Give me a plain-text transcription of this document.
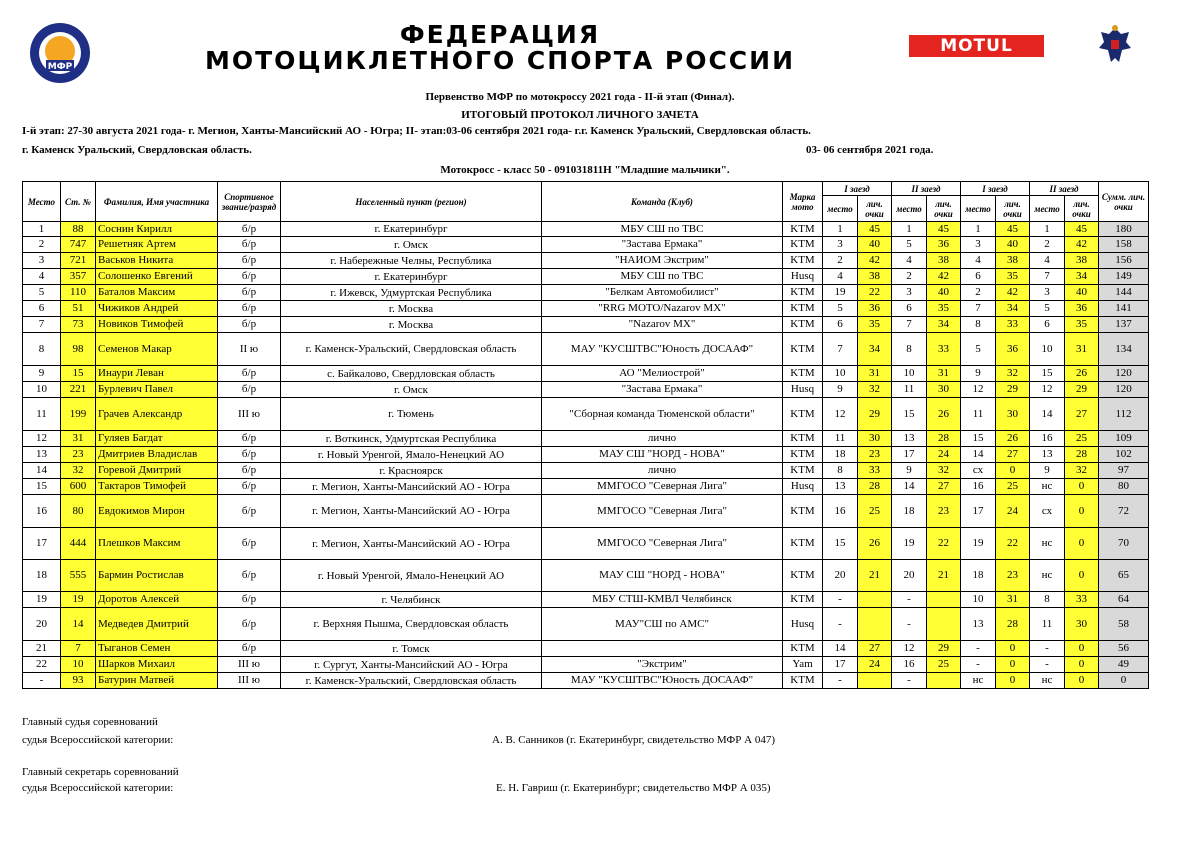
МФР
ФЕДЕРАЦИЯ
МОТОЦИКЛЕТНОГО СПОРТА РОССИИ	MOTUL
Первенство МФР по мотокроссу 2021 года - II-й этап (Финал).
ИТОГОВЫЙ ПРОТОКОЛ ЛИЧНОГО ЗАЧЕТА
I-й этап: 27-30 августа 2021 года- г. Мегион, Ханты-Мансийский АО - Югра; II- этап:03-06 сентября 2021 года- г.г. Каменск Уральский, Свердловская область.
г. Каменск Уральский, Свердловская область.	03- 06 сентября 2021 года.
Мотокросс - класс 50 - 091031811Н "Младшие мальчики".
Место	Ст. №	Фамилия, Имя участника	Спортивное звание/разряд	Населенный пункт (регион)	Команда (Клуб)	Марка мото	I заезд		II заезд		I заезд		II заезд		Сумм. лич. очки
							место	лич. очки	место	лич. очки	место	лич. очки	место	лич. очки	
1	88	Соснин Кирилл	б/р	г. Екатеринбург	МБУ СШ по ТВС	KTM	1	45	1	45	1	45	1	45	180
2	747	Решетняк Артем	б/р	г. Омск	"Застава Ермака"	KTM	3	40	5	36	3	40	2	42	158
3	721	Васьков Никита	б/р	г. Набережные Челны, Республика	"НАИОМ Экстрим"	KTM	2	42	4	38	4	38	4	38	156
4	357	Солошенко Евгений	б/р	г. Екатеринбург	МБУ СШ по ТВС	Husq	4	38	2	42	6	35	7	34	149
5	110	Баталов Максим	б/р	г. Ижевск, Удмуртская Республика	"Белкам Автомобилист"	KTM	19	22	3	40	2	42	3	40	144
6	51	Чижиков Андрей	б/р	г. Москва	"RRG MOTO/Nazarov MX"	KTM	5	36	6	35	7	34	5	36	141
7	73	Новиков Тимофей	б/р	г. Москва	"Nazarov MX"	KTM	6	35	7	34	8	33	6	35	137
8	98	Семенов Макар	II ю	г. Каменск-Уральский, Свердловская область	МАУ "КУСШТВС"Юность ДОСААФ"	KTM	7	34	8	33	5	36	10	31	134
9	15	Инаури Леван	б/р	с. Байкалово, Свердловская область	АО "Мелиострой"	KTM	10	31	10	31	9	32	15	26	120
10	221	Бурлевич Павел	б/р	г. Омск	"Застава Ермака"	Husq	9	32	11	30	12	29	12	29	120
11	199	Грачев Александр	III ю	г. Тюмень	"Сборная команда Тюменской области"	KTM	12	29	15	26	11	30	14	27	112
12	31	Гуляев Багдат	б/р	г. Воткинск, Удмуртская Республика	лично	KTM	11	30	13	28	15	26	16	25	109
13	23	Дмитриев Владислав	б/р	г. Новый Уренгой, Ямало-Ненецкий АО	МАУ СШ "НОРД - НОВА"	KTM	18	23	17	24	14	27	13	28	102
14	32	Горевой Дмитрий	б/р	г. Красноярск	лично	KTM	8	33	9	32	сх	0	9	32	97
15	600	Тактаров Тимофей	б/р	г. Мегион, Ханты-Мансийский АО - Югра	ММГОСО "Северная Лига"	Husq	13	28	14	27	16	25	нс	0	80
16	80	Евдокимов Мирон	б/р	г. Мегион, Ханты-Мансийский АО - Югра	ММГОСО "Северная Лига"	KTM	16	25	18	23	17	24	сх	0	72
17	444	Плешков Максим	б/р	г. Мегион, Ханты-Мансийский АО - Югра	ММГОСО "Северная Лига"	KTM	15	26	19	22	19	22	нс	0	70
18	555	Бармин Ростислав	б/р	г. Новый Уренгой, Ямало-Ненецкий АО	МАУ СШ "НОРД - НОВА"	KTM	20	21	20	21	18	23	нс	0	65
19	19	Доротов Алексей	б/р	г. Челябинск	МБУ СТШ-КМВЛ Челябинск	KTM	-		-		10	31	8	33	64
20	14	Медведев Дмитрий	б/р	г. Верхняя Пышма, Свердловская область	МАУ"СШ по АМС"	Husq	-		-		13	28	11	30	58
21	7	Тыганов Семен	б/р	г. Томск		KTM	14	27	12	29	-	0	-	0	56
22	10	Шарков Михаил	III ю	г. Сургут, Ханты-Мансийский АО - Югра	"Экстрим"	Yam	17	24	16	25	-	0	-	0	49
-	93	Батурин Матвей	III ю	г. Каменск-Уральский, Свердловская область	МАУ "КУСШТВС"Юность ДОСААФ"	KTM	-		-		нс	0	нс	0	0
Главный судья соревнований
судья Всероссийской категории:	А. В. Санников (г. Екатеринбург, свидетельство МФР А 047)
Главный секретарь соревнований
судья Всероссийской категории:	Е. Н. Гавриш (г. Екатеринбург; свидетельство МФР А 035)
